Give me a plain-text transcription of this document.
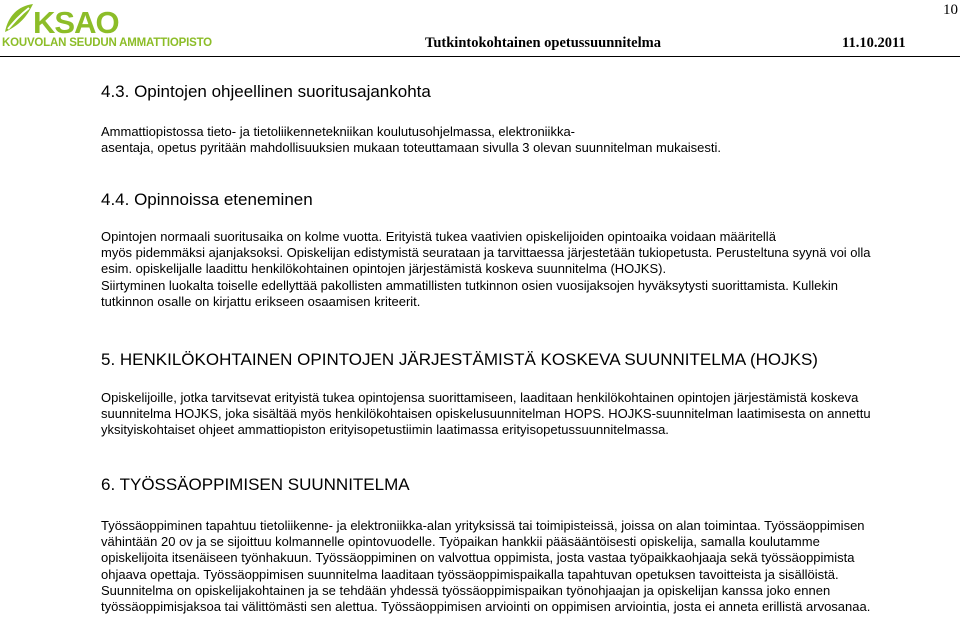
10
KSAO
KOUVOLAN SEUDUN AMMATTIOPISTO	Tutkintokohtainen opetussuunnitelma	11.10.2011
4.3. Opintojen ohjeellinen suoritusajankohta
Ammattiopistossa tieto- ja tietoliikennetekniikan koulutusohjelmassa, elektroniikka-
asentaja, opetus pyritään mahdollisuuksien mukaan toteuttamaan sivulla 3 olevan suunnitelman mukaisesti.
4.4. Opinnoissa eteneminen
Opintojen normaali suoritusaika on kolme vuotta. Erityistä tukea vaativien opiskelijoiden opintoaika voidaan määritellä
myös pidemmäksi ajanjaksoksi. Opiskelijan edistymistä seurataan ja tarvittaessa järjestetään tukiopetusta. Perusteltuna syynä voi olla
esim. opiskelijalle laadittu henkilökohtainen opintojen järjestämistä koskeva suunnitelma (HOJKS).
Siirtyminen luokalta toiselle edellyttää pakollisten ammatillisten tutkinnon osien vuosijaksojen hyväksytysti suorittamista. Kullekin
tutkinnon osalle on kirjattu erikseen osaamisen kriteerit.
5. HENKILÖKOHTAINEN OPINTOJEN JÄRJESTÄMISTÄ KOSKEVA SUUNNITELMA (HOJKS)
Opiskelijoille, jotka tarvitsevat erityistä tukea opintojensa suorittamiseen, laaditaan henkilökohtainen opintojen järjestämistä koskeva
suunnitelma HOJKS, joka sisältää myös henkilökohtaisen opiskelusuunnitelman HOPS. HOJKS-suunnitelman laatimisesta on annettu
yksityiskohtaiset ohjeet ammattiopiston erityisopetustiimin laatimassa erityisopetussuunnitelmassa.
6. TYÖSSÄOPPIMISEN SUUNNITELMA
Työssäoppiminen tapahtuu tietoliikenne- ja elektroniikka-alan yrityksissä tai toimipisteissä, joissa on alan toimintaa. Työssäoppimisen
vähintään 20 ov ja se sijoittuu kolmannelle opintovuodelle. Työpaikan hankkii pääsääntöisesti opiskelija, samalla koulutamme
opiskelijoita itsenäiseen työnhakuun. Työssäoppiminen on valvottua oppimista, josta vastaa työpaikkaohjaaja sekä työssäoppimista
ohjaava opettaja. Työssäoppimisen suunnitelma laaditaan työssäoppimispaikalla tapahtuvan opetuksen tavoitteista ja sisällöistä.
Suunnitelma on opiskelijakohtainen ja se tehdään yhdessä työssäoppimispaikan työnohjaajan ja opiskelijan kanssa joko ennen
työssäoppimisjaksoa tai välittömästi sen alettua. Työssäoppimisen arviointi on oppimisen arviointia, josta ei anneta erillistä arvosanaa.
